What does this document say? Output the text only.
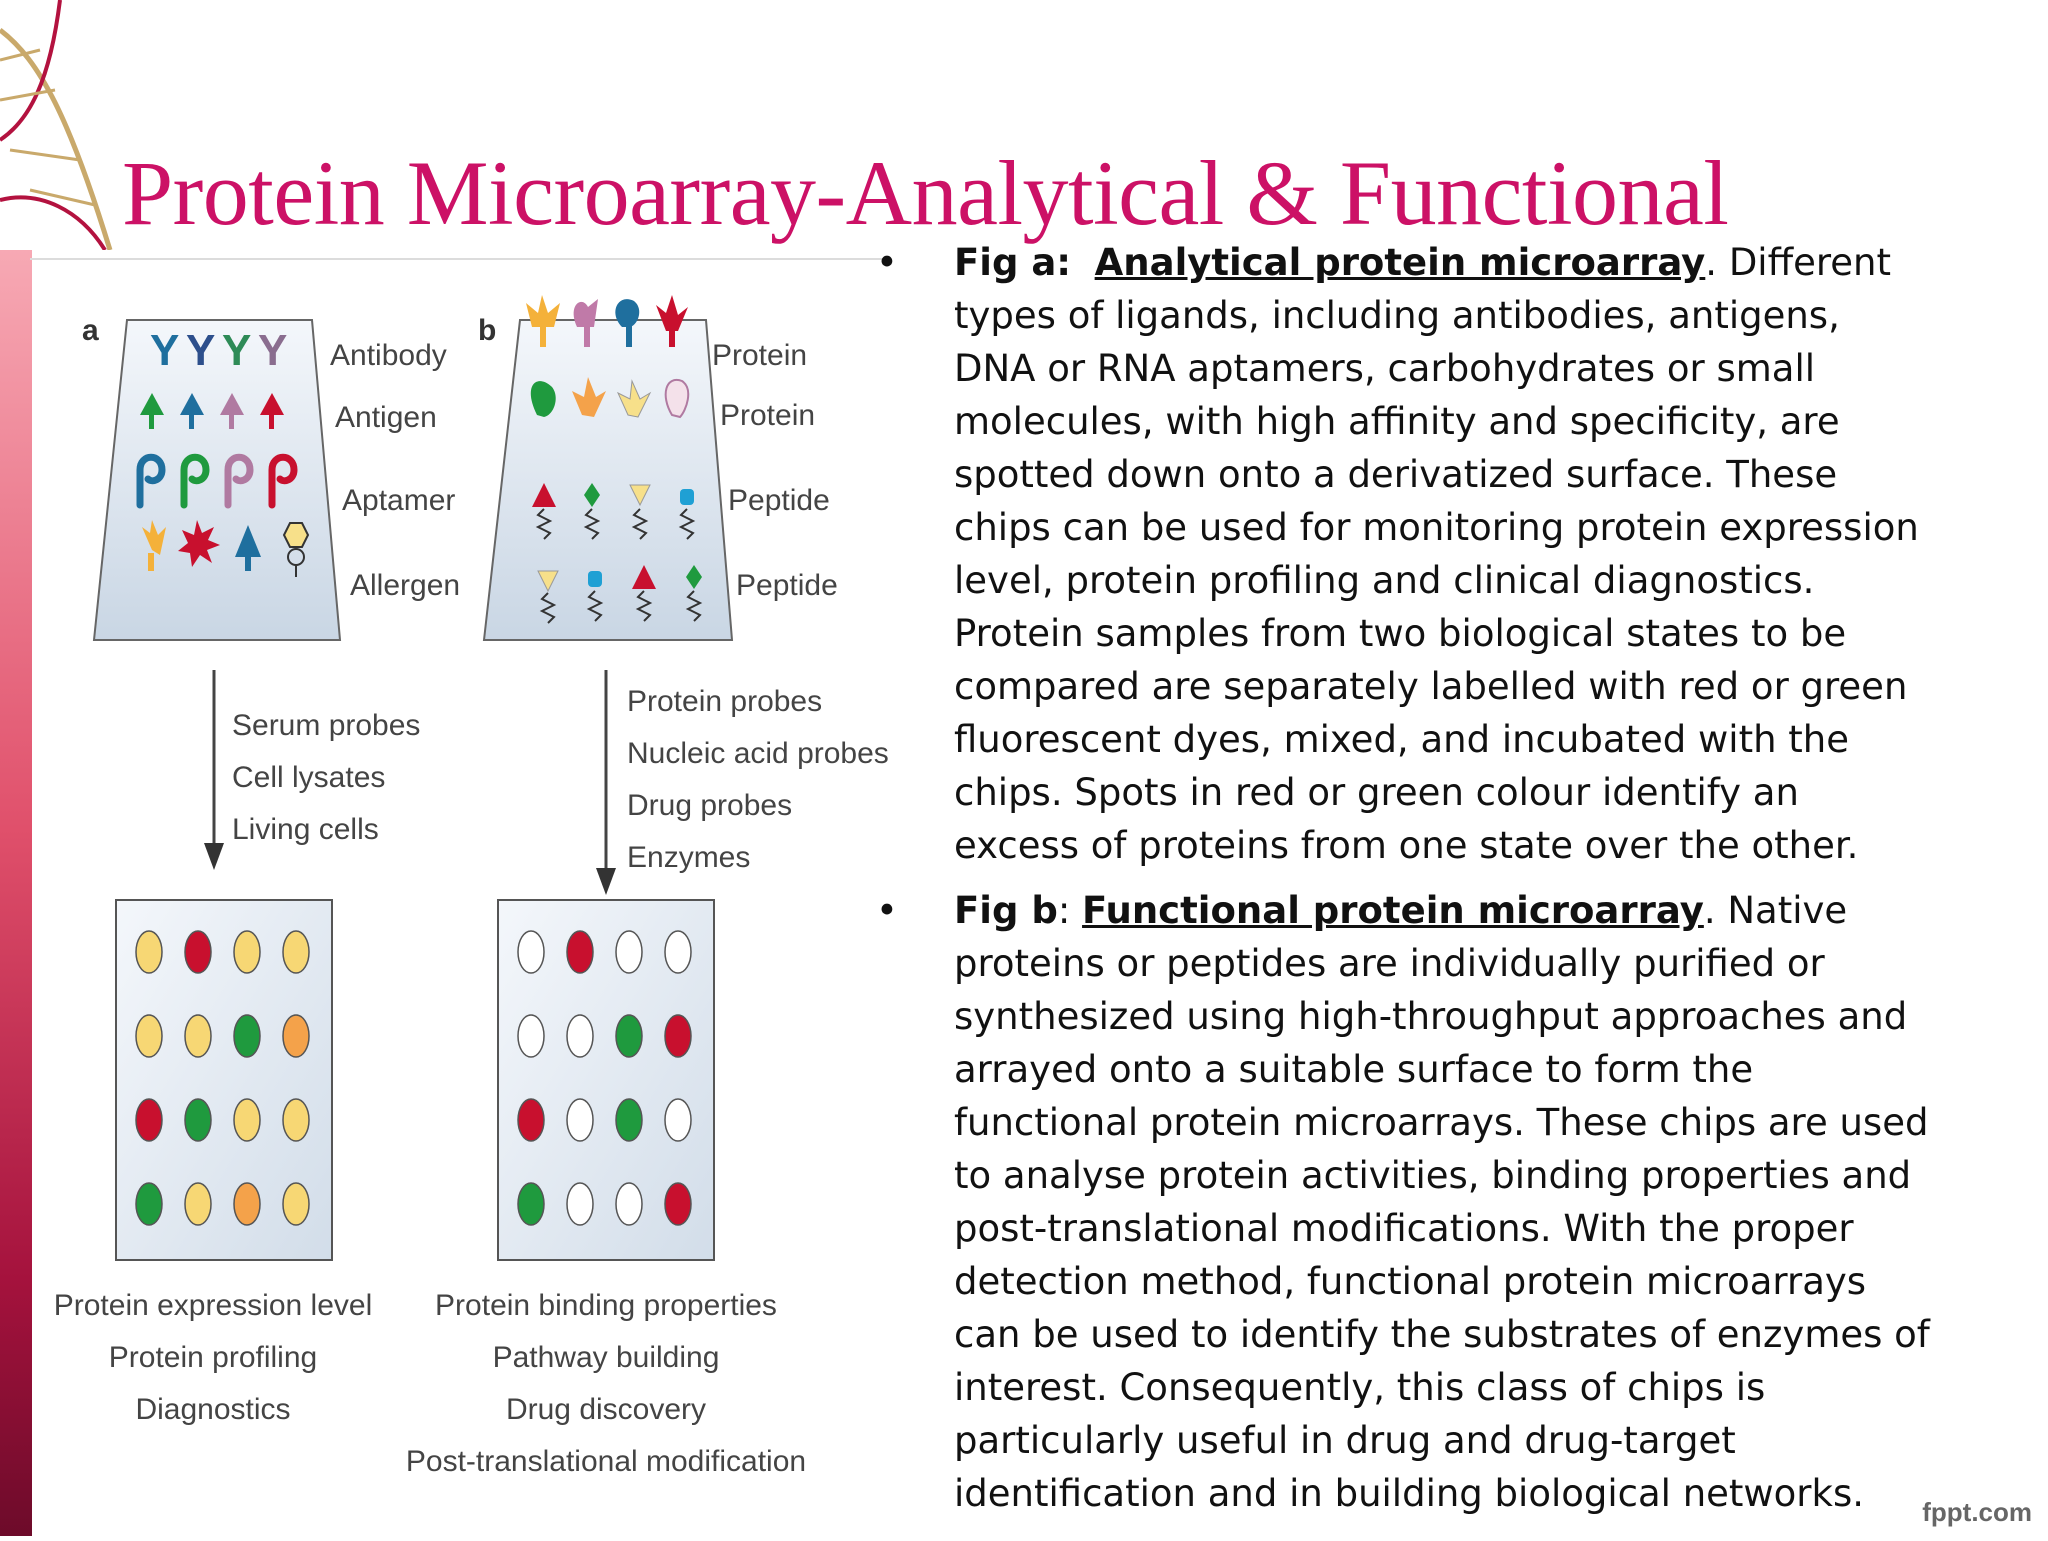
Protein Microarray-Analytical & Functional
a Y Y Y Y Antibody
Antigen
Aptamer
Allergen
b
Protein
Protein
Peptide
Peptide
Serum probes
Cell lysates
Living cells
Protein probes
Nucleic acid probes
Drug probes
Enzymes
Protein expression level
Protein profiling
Diagnostics
Protein binding properties
Pathway building
Drug discovery
Post-translational modification
• Fig a: Analytical protein microarray. Different types of ligands, including antibodies, antigens, DNA or RNA aptamers, carbohydrates or small molecules, with high affinity and specificity, are spotted down onto a derivatized surface. These chips can be used for monitoring protein expression level, protein profiling and clinical diagnostics. Protein samples from two biological states to be compared are separately labelled with red or green fluorescent dyes, mixed, and incubated with the chips. Spots in red or green colour identify an excess of proteins from one state over the other.
• Fig b: Functional protein microarray. Native proteins or peptides are individually purified or synthesized using high-throughput approaches and arrayed onto a suitable surface to form the functional protein microarrays. These chips are used to analyse protein activities, binding properties and post-translational modifications. With the proper detection method, functional protein microarrays can be used to identify the substrates of enzymes of interest. Consequently, this class of chips is particularly useful in drug and drug-target identification and in building biological networks.	fppt.com
